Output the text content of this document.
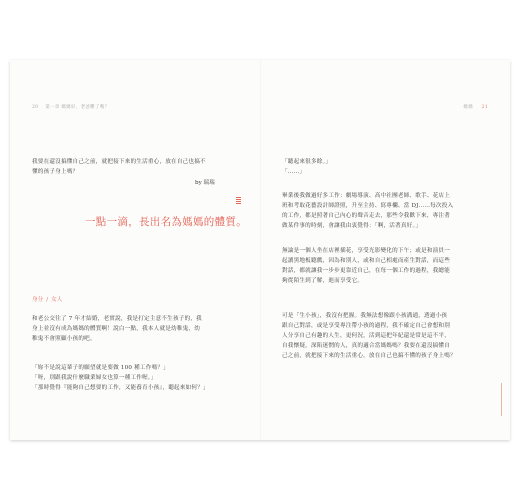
20 第一章 媽媽好，老爸難了嗎？
我要在還沒搞懂自己之前，就把接下來的生活重心，放在自己也搞不
懂的孩子身上嗎？
by 瑞瑞
一點一滴，長出名為媽媽的體質。
身分 / 女人
和老公交往了 7 年才結婚，老實說，我是打定主意不生孩子的，我
身上並沒有成為媽媽的體質啊！說白一點，我本人就是幼稚鬼，幼
稚鬼不會照顧小孩的吧。
「妳不是說這輩子的願望就是要做 100 種工作嗎？」
「呀，別跟我說什麼職業婦女也算一種工作喔。」
「那時覺得『能夠自己想要的工作，又能養育小孩』，聽起來如何？」
媽媽 21
「聽起來很多餘。」
「……」
畢業後我做過好多工作：劇場導演、高中社團老師、歌手、花店上
班和考取花藝設計師證照，升至主持、寫專欄、當 DJ……每次投入
的工作，都是照著自己內心的聲音走去，那些令我歡下來，專注著
做某件事的時刻，會讓我由衷覺得：「啊，活著真好。」
無論是一個人坐在店裡插花，享受光影變化的下午；或是和演員一
起讀黑地板聽戲，因為和別人，或和自己相處而產生對話，而這些
對話，都就讓我一步步更靠近自己，在每一個工作的過程，我總能
夠從陌生到了解，進而享受它。
可是「生小孩」，我沒有把握。我無法想像跟小孩溝通，透過小孩
跟自己對話，或是享受專注帶小孩的過程，我不確定自己會想和別
人分享自己有趣的人生，更何況，活到這把年紀還是常是這不平，
自我懷疑，深陷迷惘的人，真的適合當媽媽嗎？我要在還沒搞懂自
己之前，就把接下來的生活重心，放在自己也搞不懂的孩子身上嗎？
